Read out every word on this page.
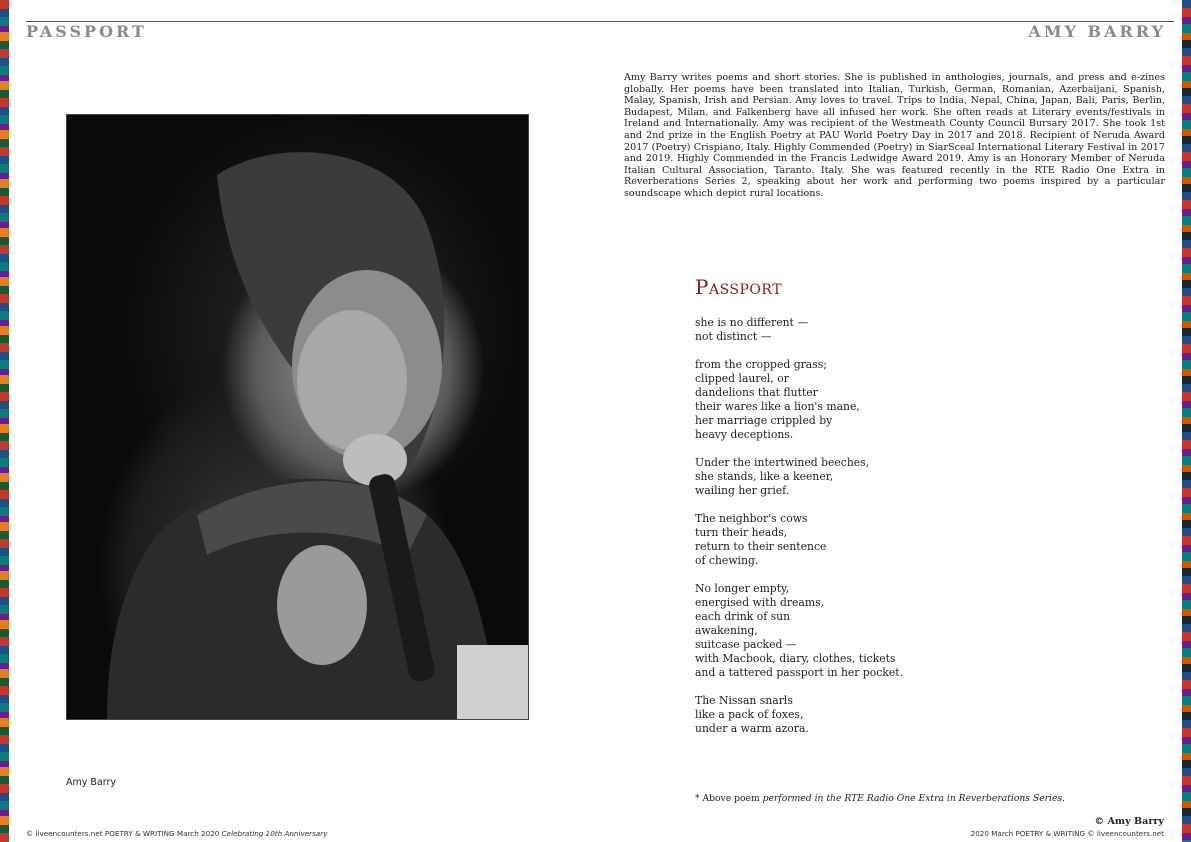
PASSPORT	AMY BARRY
Amy Barry
Amy Barry writes poems and short stories. She is published in anthologies, journals, and press and e-zines globally. Her poems have been translated into Italian, Turkish, German, Romanian, Azerbaijani, Spanish, Malay, Spanish, Irish and Persian. Amy loves to travel. Trips to India, Nepal, China, Japan, Bali, Paris, Berlin, Budapest, Milan, and Falkenberg have all infused her work. She often reads at Literary events/festivals in Ireland and Internationally. Amy was recipient of the Westmeath County Council Bursary 2017. She took 1st and 2nd prize in the English Poetry at PAU World Poetry Day in 2017 and 2018. Recipient of Neruda Award 2017 (Poetry) Crispiano, Italy. Highly Commended (Poetry) in SiarSceal International Literary Festival in 2017 and 2019. Highly Commended in the Francis Ledwidge Award 2019. Amy is an Honorary Member of Neruda Italian Cultural Association, Taranto. Italy. She was featured recently in the RTE Radio One Extra in Reverberations Series 2, speaking about her work and performing two poems inspired by a particular soundscape which depict rural locations.
Passport
she is no different —
not distinct —
from the cropped grass;
clipped laurel, or
dandelions that flutter
their wares like a lion's mane,
her marriage crippled by
heavy deceptions.
Under the intertwined beeches,
she stands, like a keener,
wailing her grief.
The neighbor's cows
turn their heads,
return to their sentence
of chewing.
No longer empty,
energised with dreams,
each drink of sun
awakening,
suitcase packed —
with Macbook, diary, clothes, tickets
and a tattered passport in her pocket.
The Nissan snarls
like a pack of foxes,
under a warm azora.
* Above poem performed in the RTE Radio One Extra in Reverberations Series.
© Amy Barry
© liveencounters.net POETRY & WRITING March 2020 Celebrating 10th Anniversary	2020 March POETRY & WRITING © liveencounters.net
